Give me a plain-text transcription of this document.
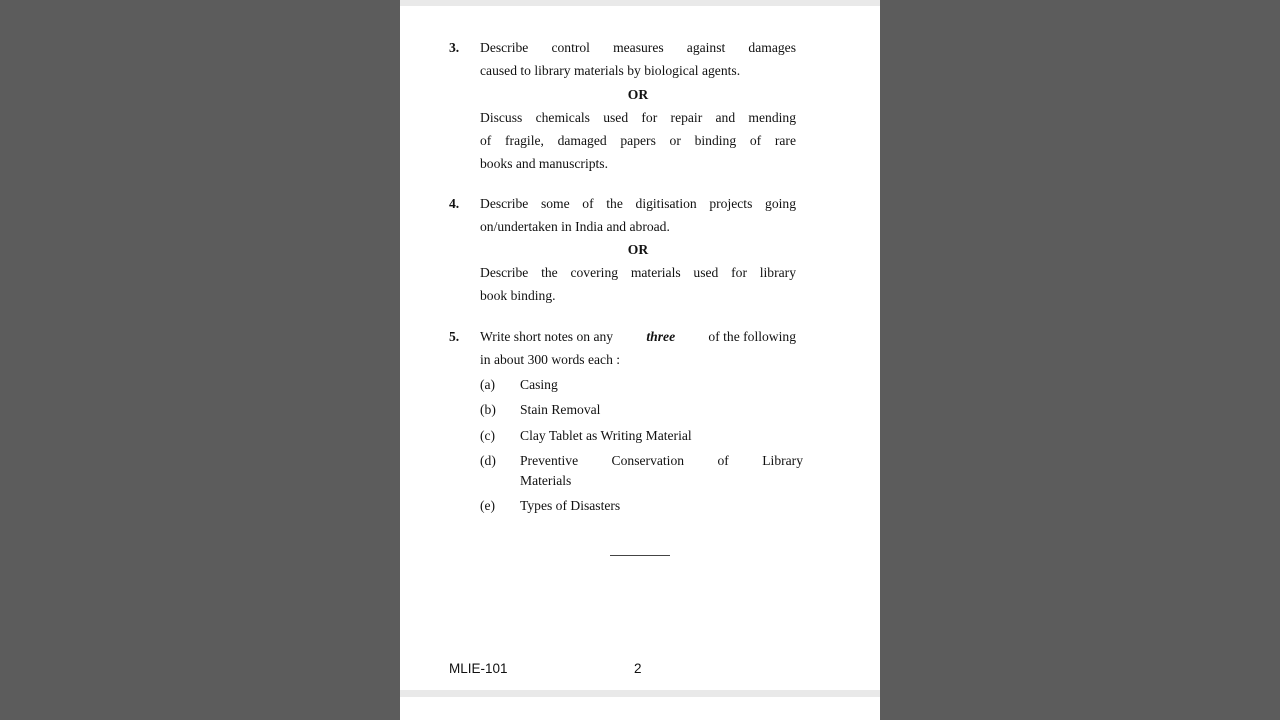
3. Describe control measures against damages
caused to library materials by biological agents.
OR
Discuss chemicals used for repair and mending
of fragile, damaged papers or binding of rare
books and manuscripts.
4. Describe some of the digitisation projects going
on/undertaken in India and abroad.
OR
Describe the covering materials used for library
book binding.
5. Write short notes on any three of the following
in about 300 words each :
(a) Casing
(b) Stain Removal
(c) Clay Tablet as Writing Material
(d) Preventive Conservation of Library
Materials
(e) Types of Disasters
MLIE-101	2
